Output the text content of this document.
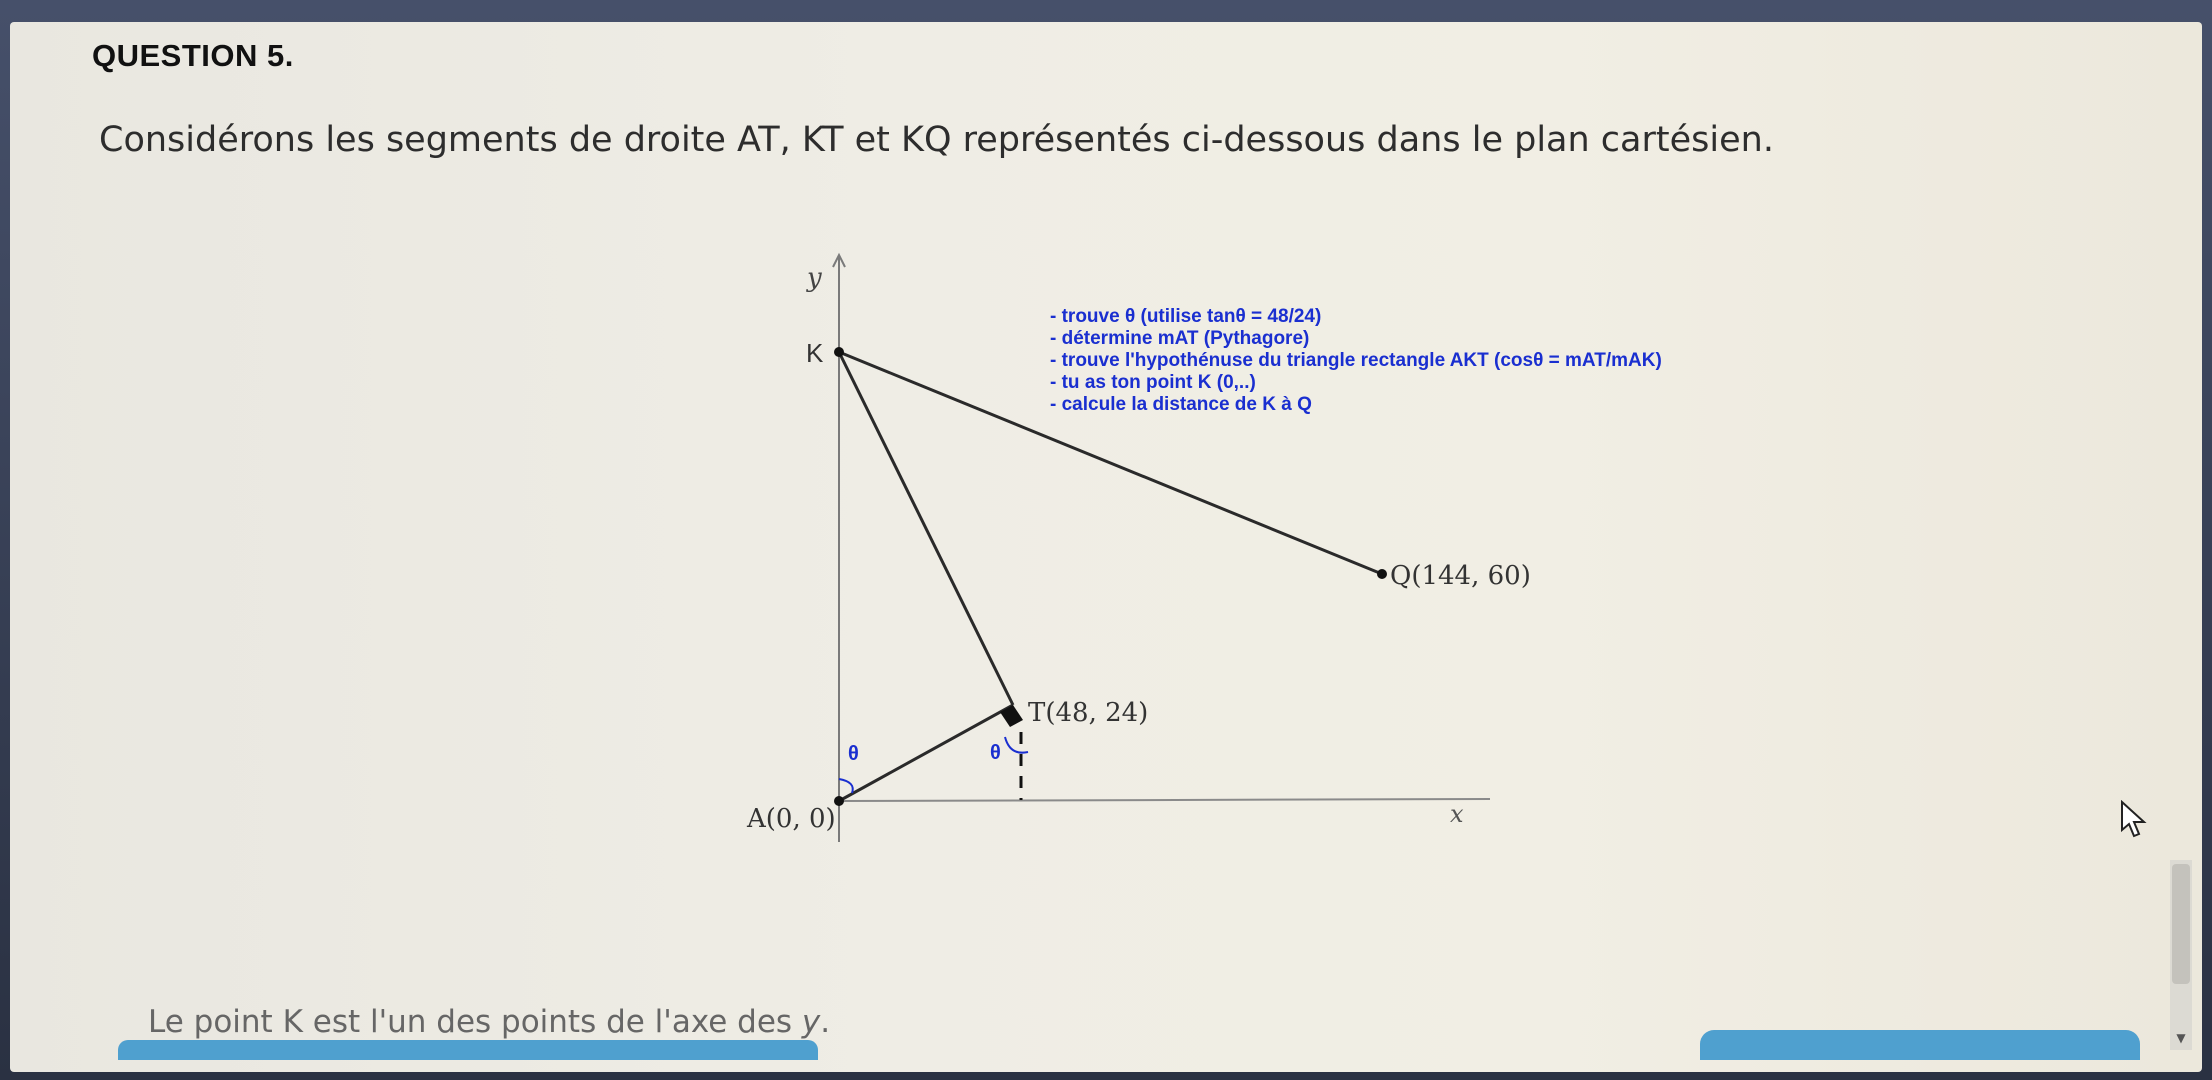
QUESTION 5.
Considérons les segments de droite AT, KT et KQ représentés ci-dessous dans le plan cartésien.
y
x
A(0, 0)
K
T(48, 24)
Q(144, 60)
θ	θ
- trouve θ (utilise tanθ = 48/24)
- détermine mAT (Pythagore)
- trouve l'hypothénuse du triangle rectangle AKT (cosθ = mAT/mAK)
- tu as ton point K (0,..)
- calcule la distance de K à Q
Le point K est l'un des points de l'axe des y.	▼
